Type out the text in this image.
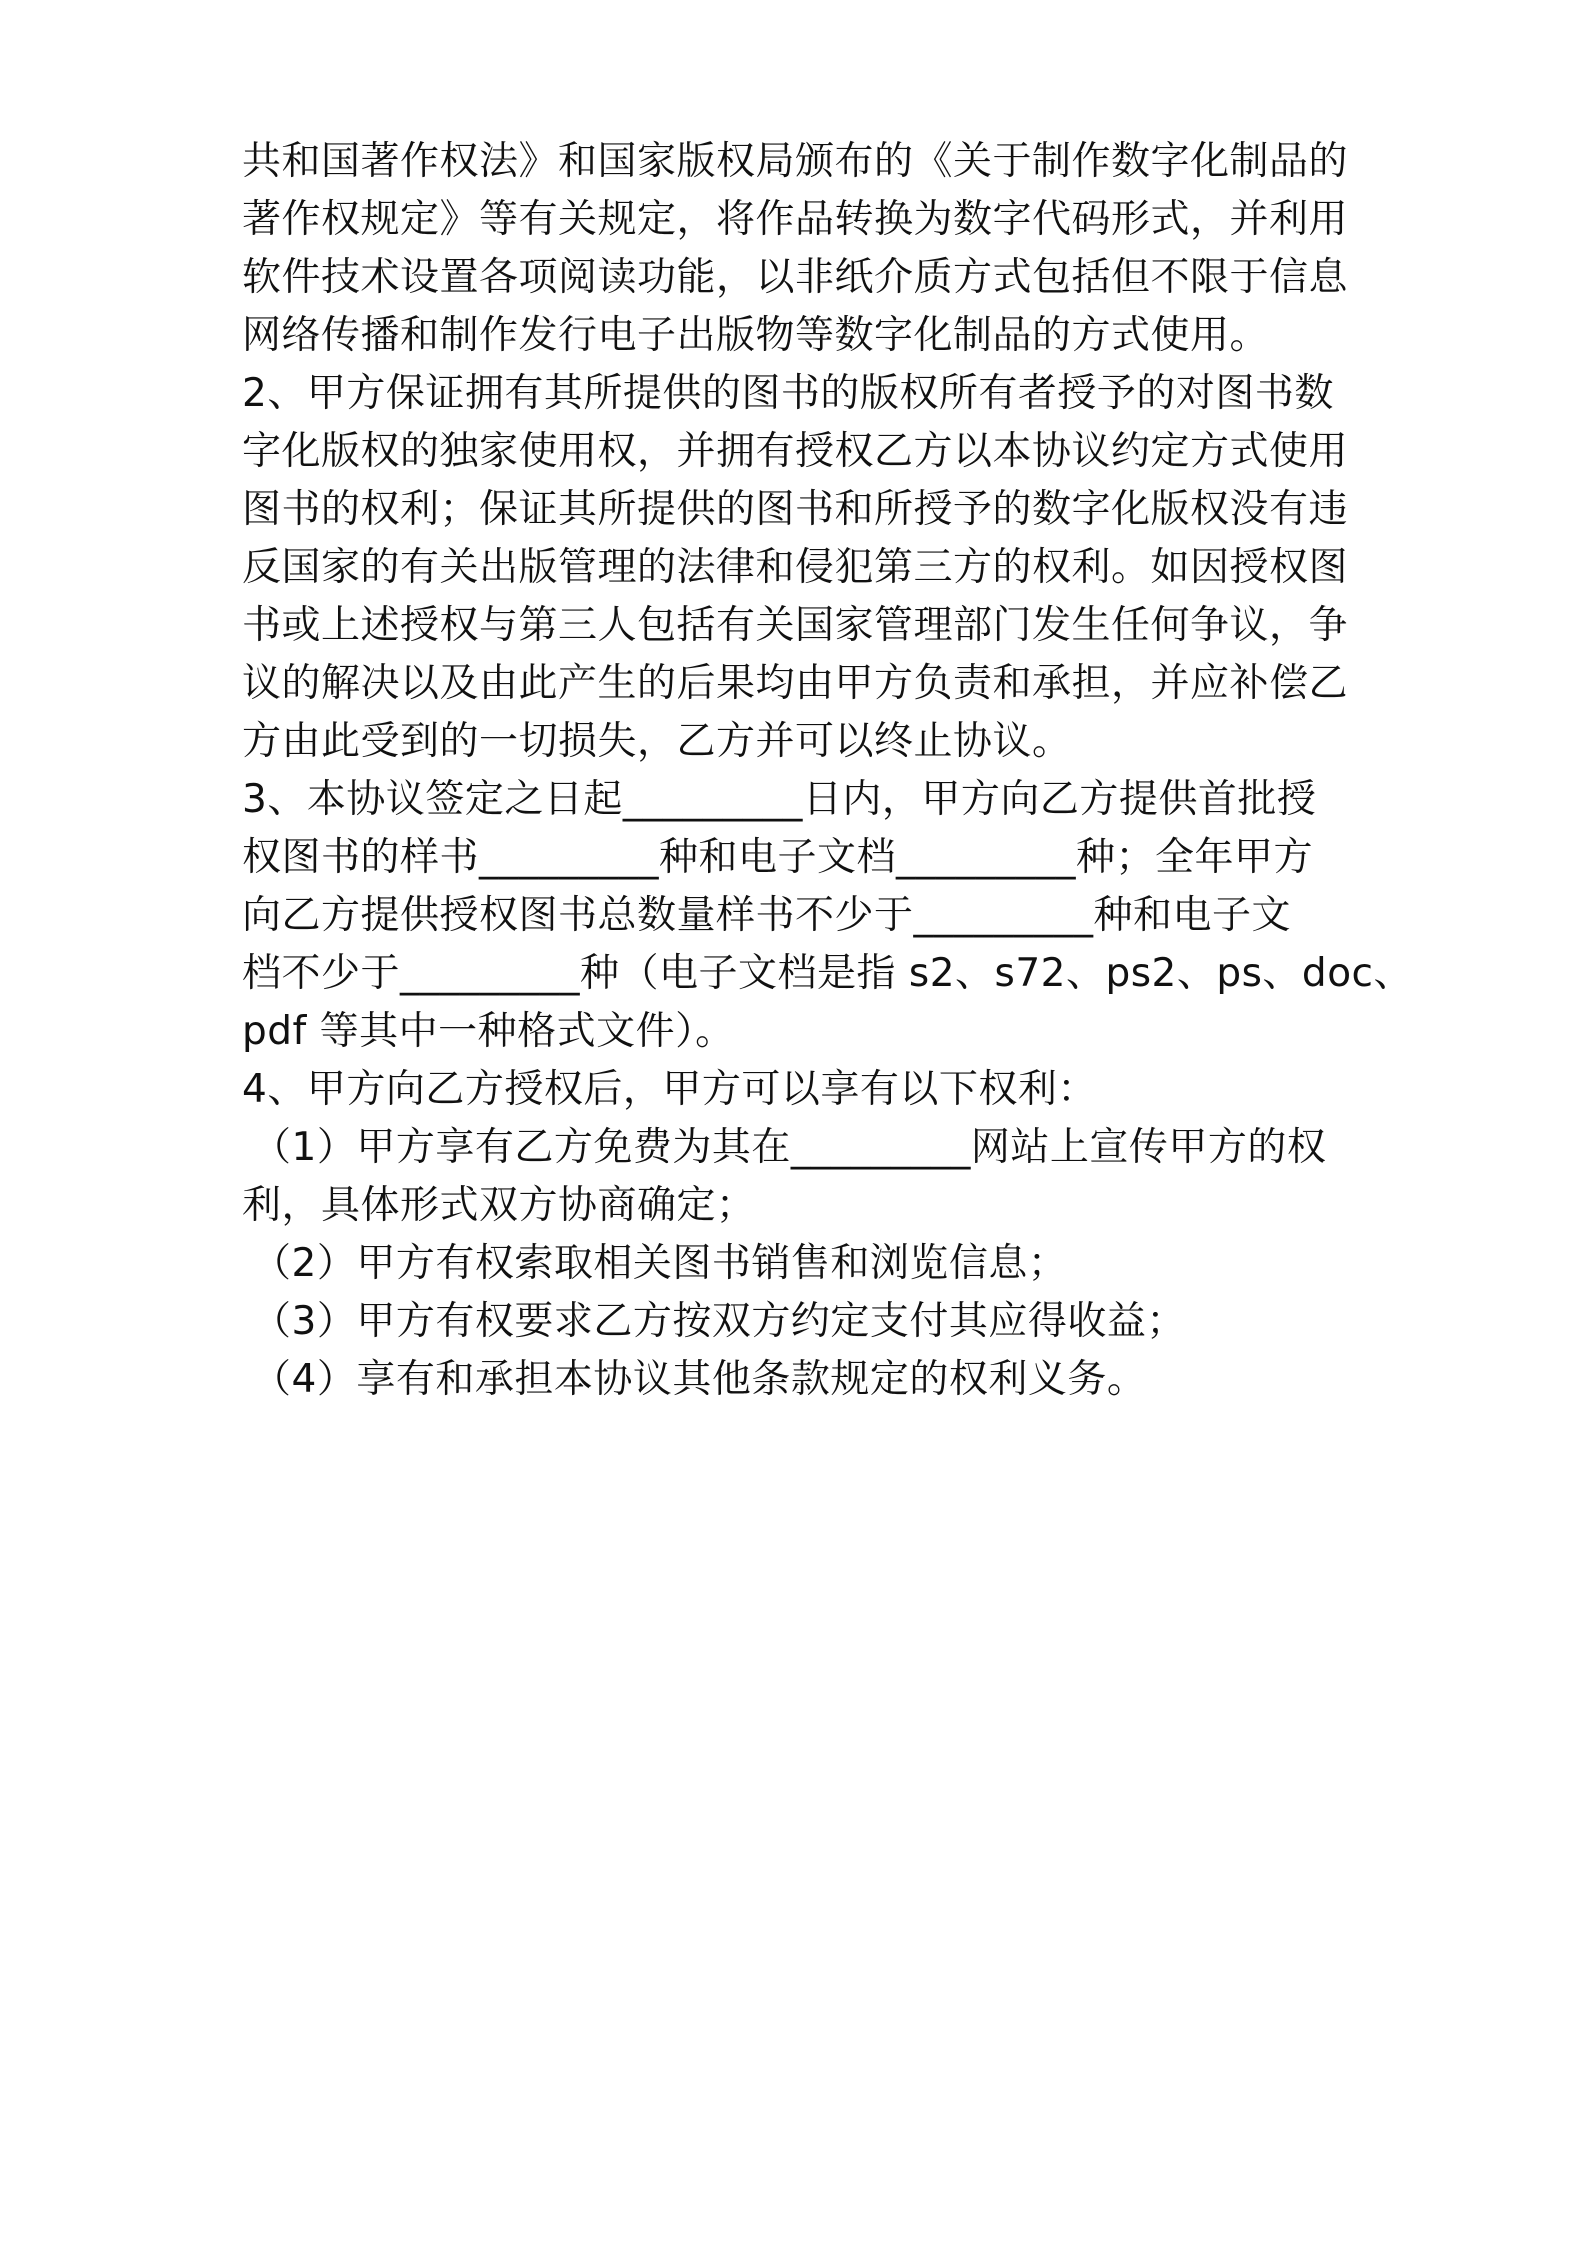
共和国著作权法》和国家版权局颁布的《关于制作数字化制品的
著作权规定》等有关规定，将作品转换为数字代码形式，并利用
软件技术设置各项阅读功能，以非纸介质方式包括但不限于信息
网络传播和制作发行电子出版物等数字化制品的方式使用。
2、甲方保证拥有其所提供的图书的版权所有者授予的对图书数
字化版权的独家使用权，并拥有授权乙方以本协议约定方式使用
图书的权利；保证其所提供的图书和所授予的数字化版权没有违
反国家的有关出版管理的法律和侵犯第三方的权利。如因授权图
书或上述授权与第三人包括有关国家管理部门发生任何争议，争
议的解决以及由此产生的后果均由甲方负责和承担，并应补偿乙
方由此受到的一切损失，乙方并可以终止协议。
3、本协议签定之日起_________日内，甲方向乙方提供首批授
权图书的样书_________种和电子文档_________种；全年甲方
向乙方提供授权图书总数量样书不少于_________种和电子文
档不少于_________种（电子文档是指 s2、s72、ps2、ps、doc、
pdf 等其中一种格式文件）。
4、甲方向乙方授权后，甲方可以享有以下权利：
（1）甲方享有乙方免费为其在_________网站上宣传甲方的权
利，具体形式双方协商确定；
（2）甲方有权索取相关图书销售和浏览信息；
（3）甲方有权要求乙方按双方约定支付其应得收益；
（4）享有和承担本协议其他条款规定的权利义务。
